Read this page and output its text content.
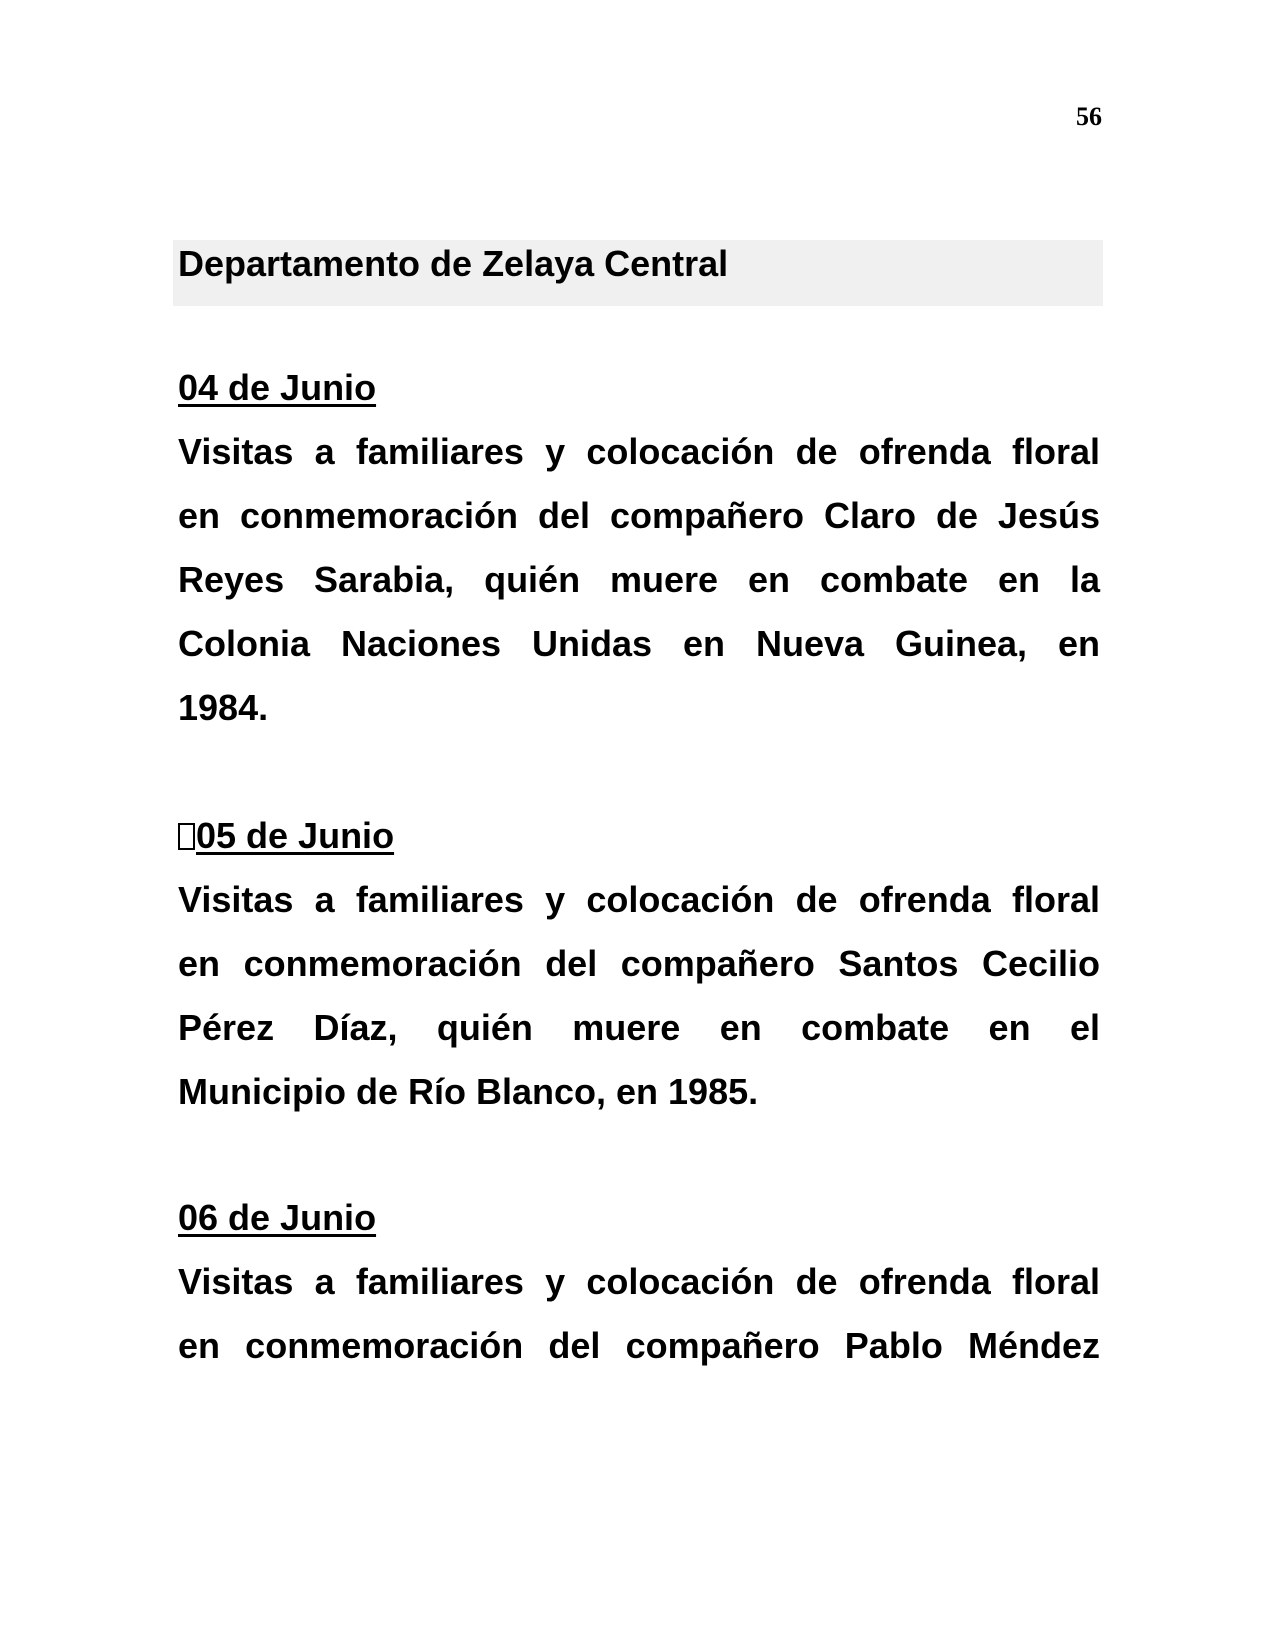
56
Departamento de Zelaya Central
04 de Junio
Visitas a familiares y colocación de ofrenda floral
en conmemoración del compañero Claro de Jesús
Reyes Sarabia, quién muere en combate en la
Colonia Naciones Unidas en Nueva Guinea, en
1984.
05 de Junio
Visitas a familiares y colocación de ofrenda floral
en conmemoración del compañero Santos Cecilio
Pérez Díaz, quién muere en combate en el
Municipio de Río Blanco, en 1985.
06 de Junio
Visitas a familiares y colocación de ofrenda floral
en conmemoración del compañero Pablo Méndez
